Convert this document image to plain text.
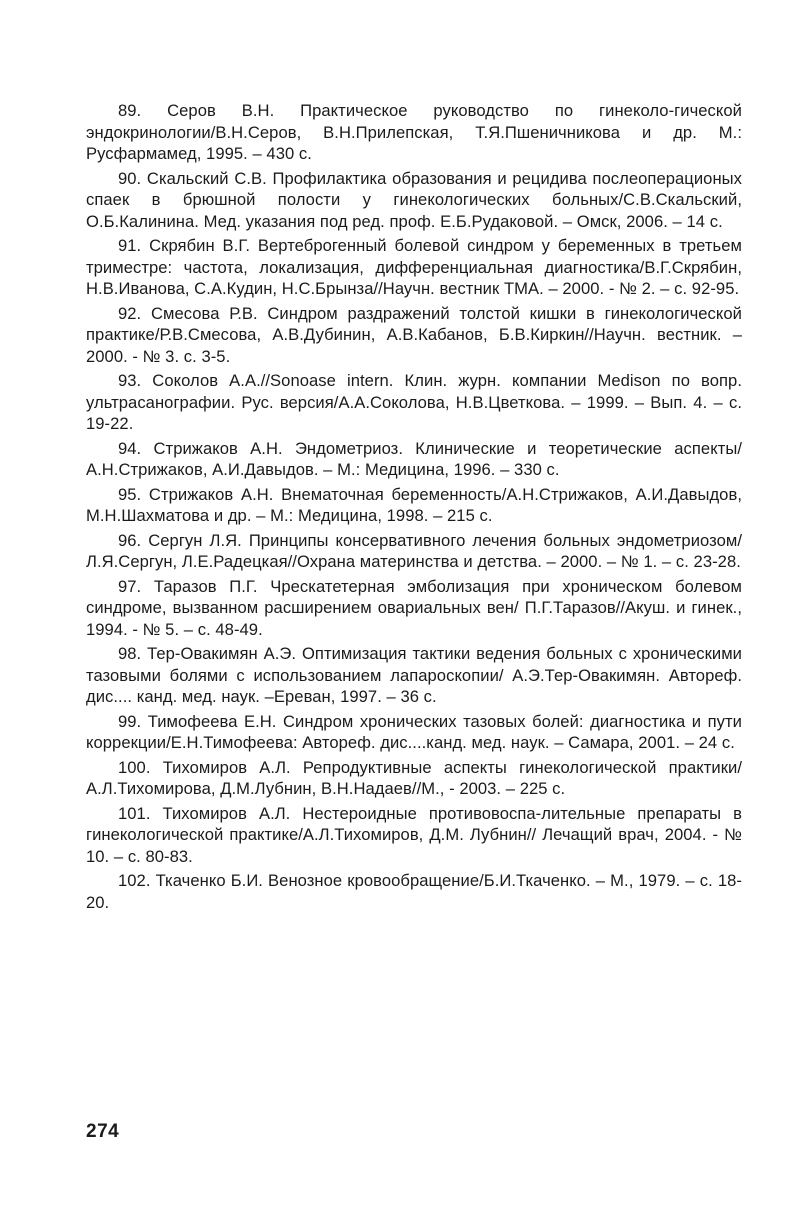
89. Серов В.Н. Практическое руководство по гинеколо-гической эндокринологии/В.Н.Серов, В.Н.Прилепская, Т.Я.Пшеничникова и др. М.: Русфармамед, 1995. – 430 с.

90. Скальский С.В. Профилактика образования и рецидива послеоперационых спаек в брюшной полости у гинекологических больных/С.В.Скальский, О.Б.Калинина. Мед. указания под ред. проф. Е.Б.Рудаковой. – Омск, 2006. – 14 с.

91. Скрябин В.Г. Вертеброгенный болевой синдром у беременных в третьем триместре: частота, локализация, дифференциальная диагностика/В.Г.Скрябин, Н.В.Иванова, С.А.Кудин, Н.С.Брынза//Научн. вестник ТМА. – 2000. - № 2. – с. 92-95.

92. Смесова Р.В. Синдром раздражений толстой кишки в гинекологической практике/Р.В.Смесова, А.В.Дубинин, А.В.Кабанов, Б.В.Киркин//Научн. вестник. – 2000. - № 3. с. 3-5.

93. Соколов А.А.//Sonoase intern. Клин. журн. компании Medison по вопр. ультрасанографии. Рус. версия/А.А.Соколова, Н.В.Цветкова. – 1999. – Вып. 4. – с. 19-22.

94. Стрижаков А.Н. Эндометриоз. Клинические и теоретические аспекты/А.Н.Стрижаков, А.И.Давыдов. – М.: Медицина, 1996. – 330 с.

95. Стрижаков А.Н. Внематочная беременность/А.Н.Стрижаков, А.И.Давыдов, М.Н.Шахматова и др. – М.: Медицина, 1998. – 215 с.

96. Сергун Л.Я. Принципы консервативного лечения больных эндометриозом/Л.Я.Сергун, Л.Е.Радецкая//Охрана материнства и детства. – 2000. – № 1. – с. 23-28.

97. Таразов П.Г. Чрескатетерная эмболизация при хроническом болевом синдроме, вызванном расширением овариальных вен/ П.Г.Таразов//Акуш. и гинек., 1994. - № 5. – с. 48-49.

98. Тер-Овакимян А.Э. Оптимизация тактики ведения больных с хроническими тазовыми болями с использованием лапароскопии/ А.Э.Тер-Овакимян. Автореф. дис.... канд. мед. наук. –Ереван, 1997. – 36 с.

99. Тимофеева Е.Н. Синдром хронических тазовых болей: диагностика и пути коррекции/Е.Н.Тимофеева: Автореф. дис....канд. мед. наук. – Самара, 2001. – 24 с.

100. Тихомиров А.Л. Репродуктивные аспекты гинекологической практики/А.Л.Тихомирова, Д.М.Лубнин, В.Н.Надаев//М., - 2003. – 225 с.

101. Тихомиров А.Л. Нестероидные противовоспа-лительные препараты в гинекологической практике/А.Л.Тихомиров, Д.М. Лубнин// Лечащий врач, 2004. - № 10. – с. 80-83.

102. Ткаченко Б.И. Венозное кровообращение/Б.И.Ткаченко. – М., 1979. – с. 18-20.

274
